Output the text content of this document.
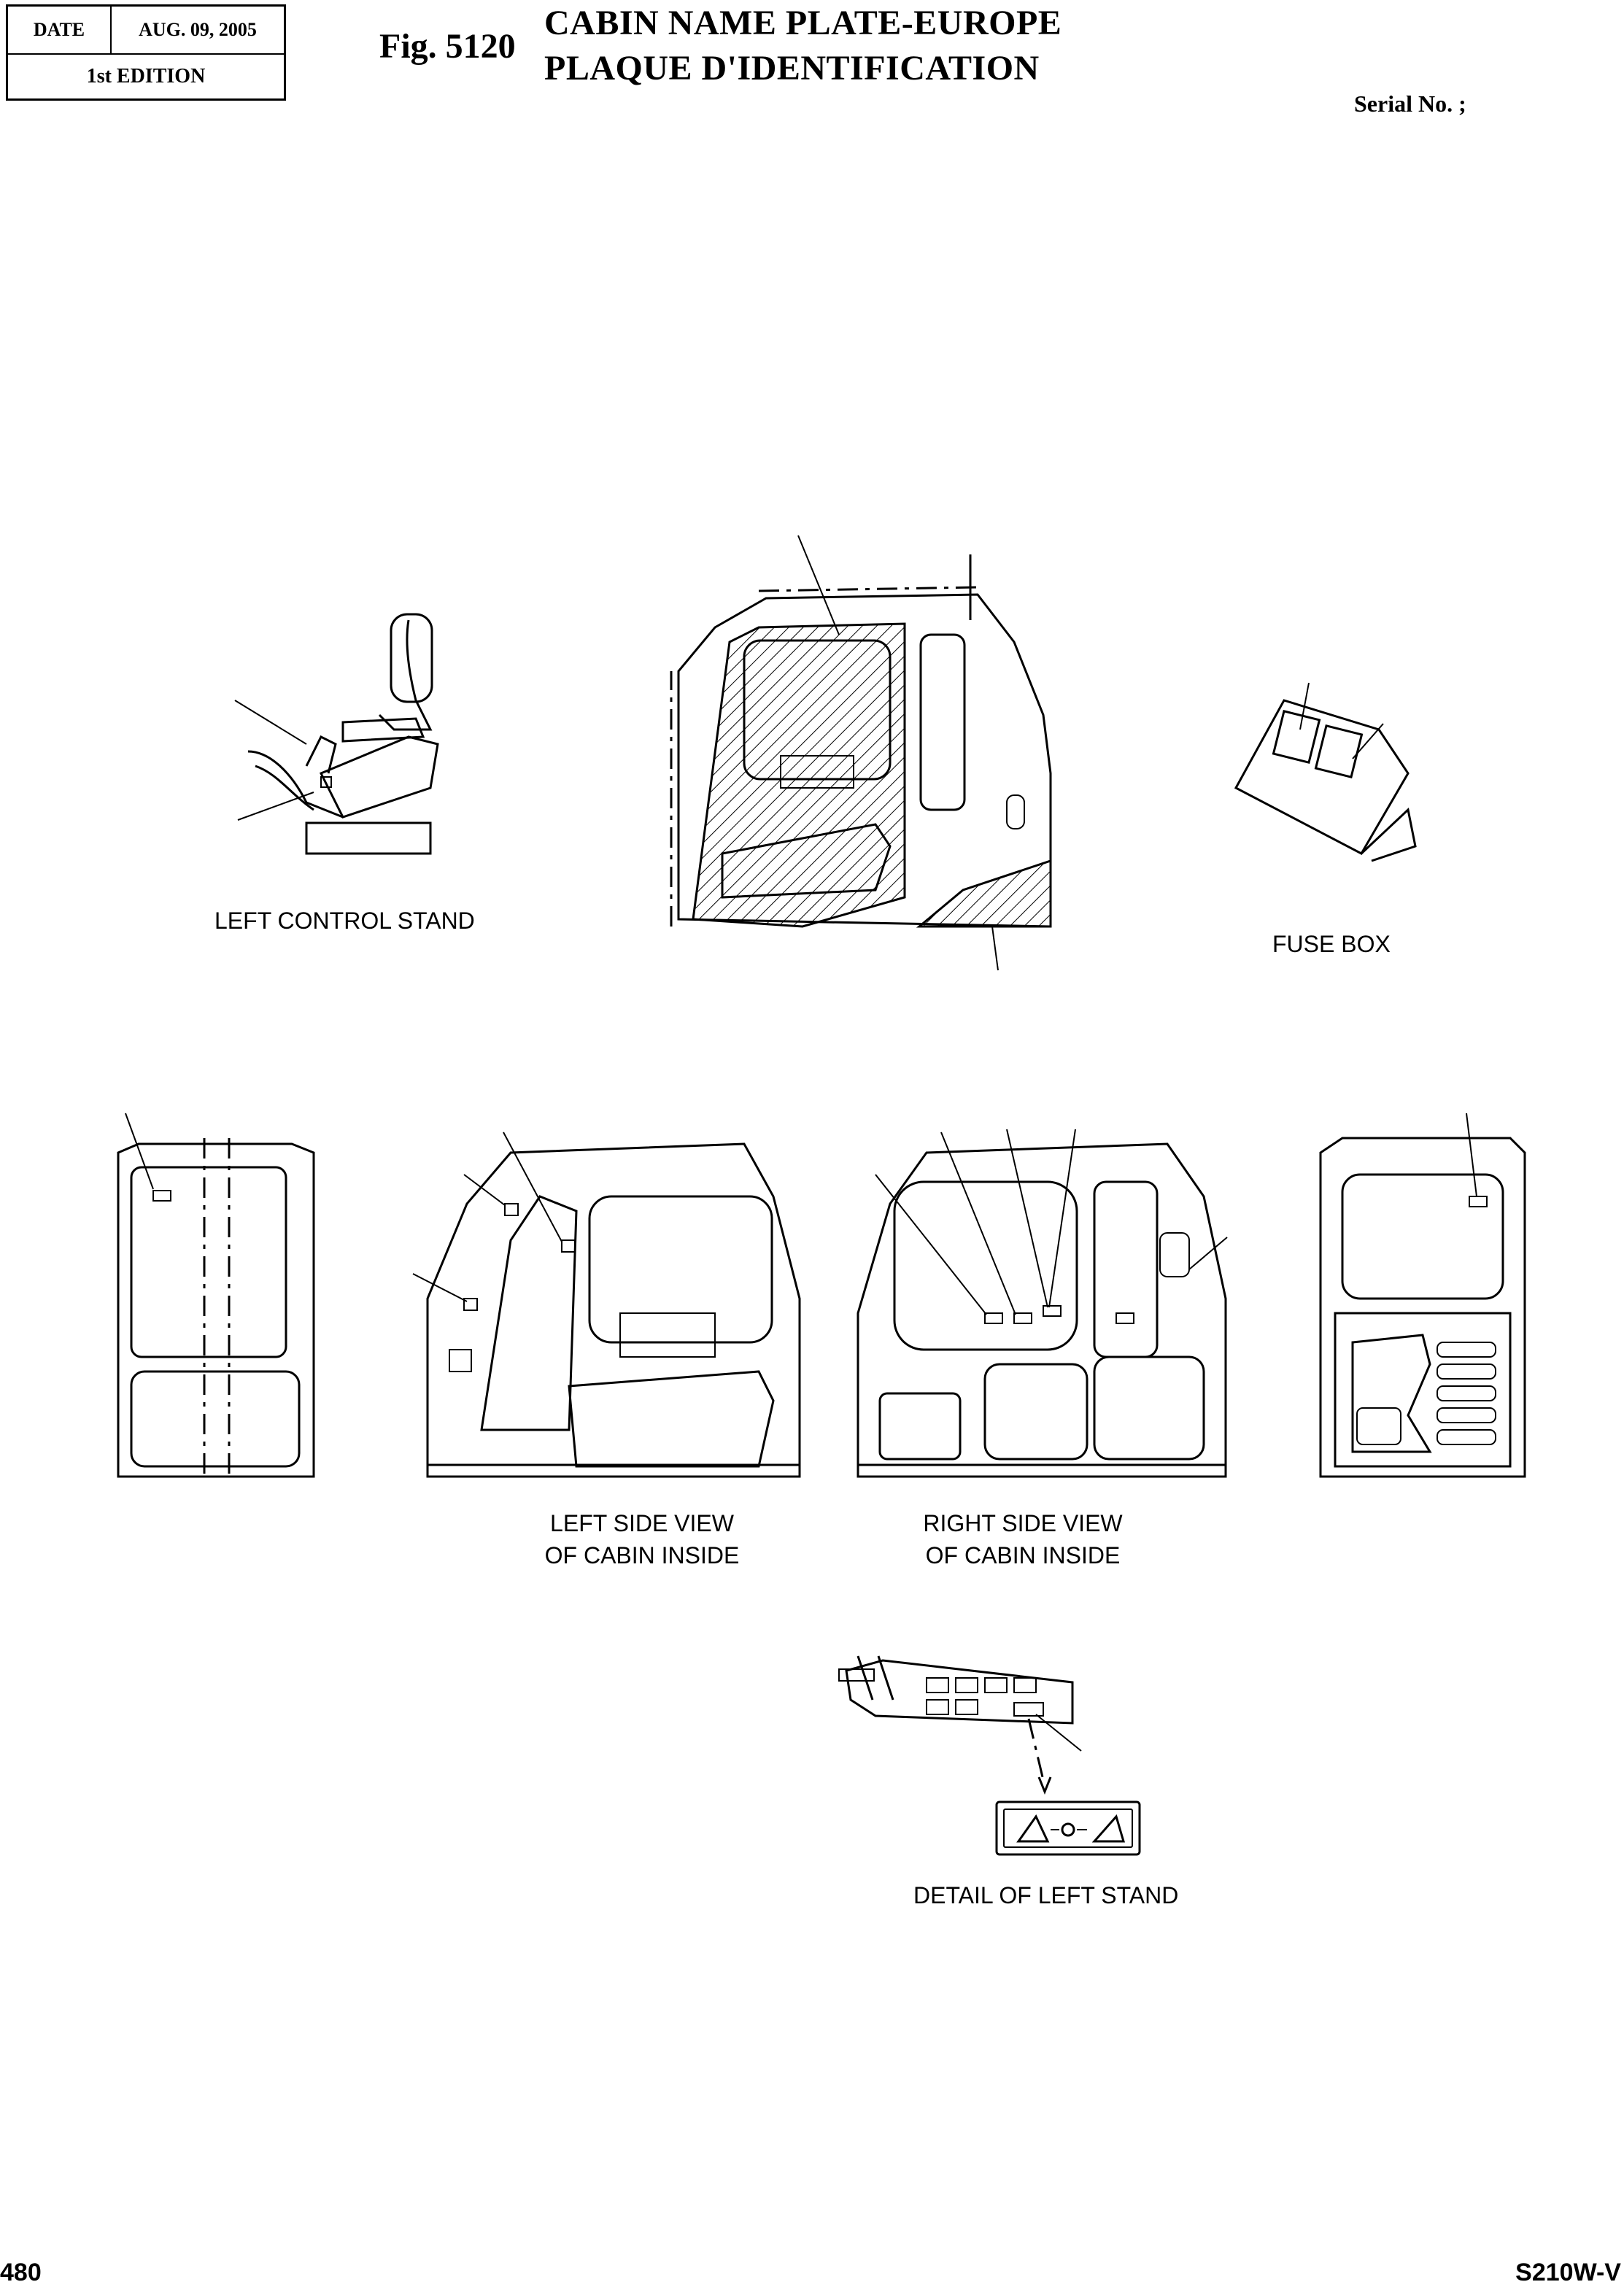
DATE	AUG. 09, 2005
1st EDITION
Fig. 5120
CABIN NAME PLATE-EUROPE
PLAQUE D'IDENTIFICATION
Serial No. ;
LEFT CONTROL STAND
FUSE BOX
LEFT SIDE VIEW
OF CABIN INSIDE
RIGHT SIDE VIEW
OF CABIN INSIDE
DETAIL OF LEFT STAND
480	S210W-V
